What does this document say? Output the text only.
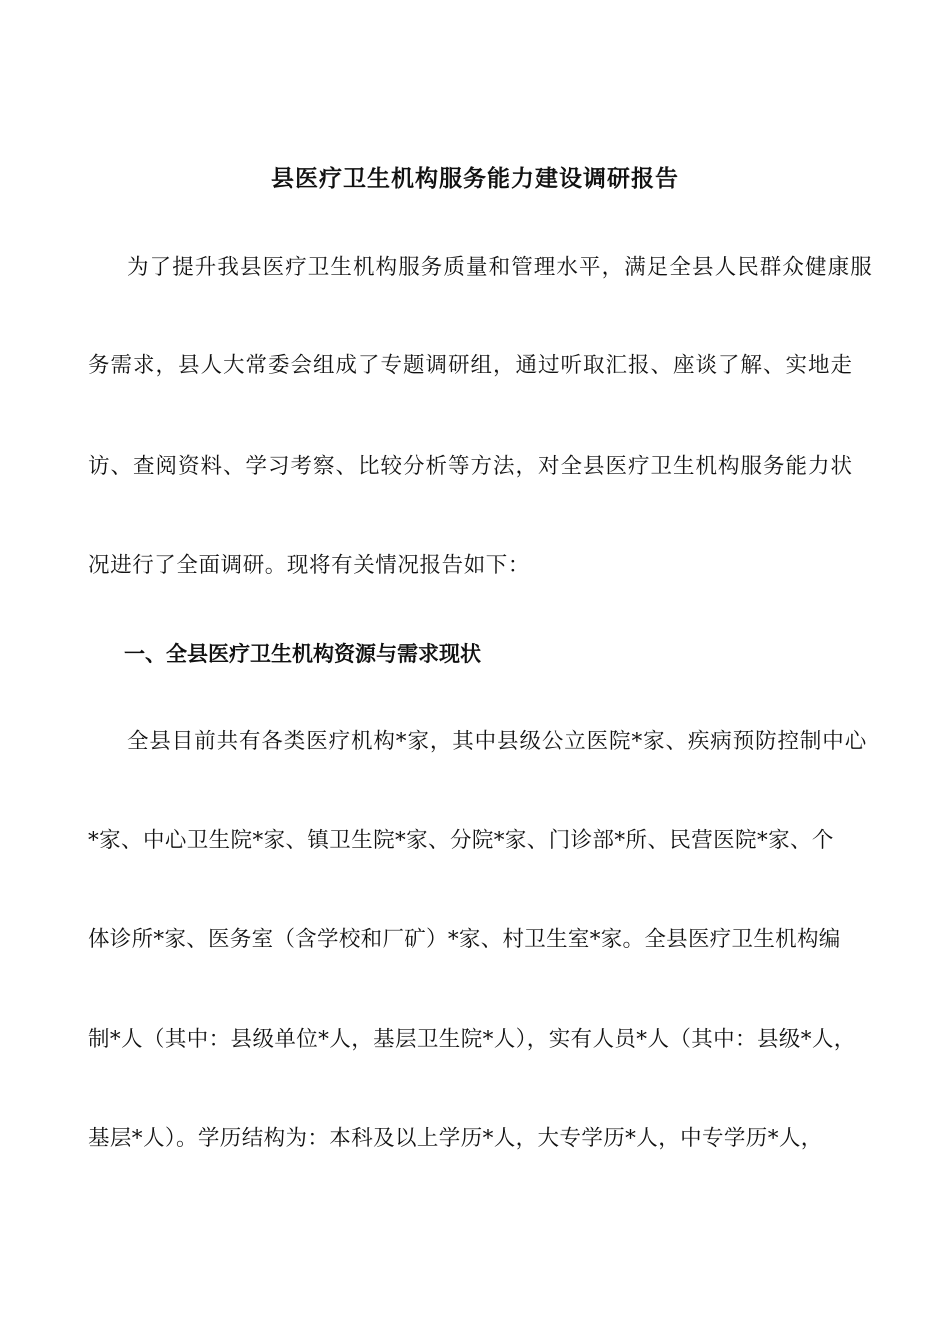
县医疗卫生机构服务能力建设调研报告
为了提升我县医疗卫生机构服务质量和管理水平，满足全县人民群众健康服
务需求，县人大常委会组成了专题调研组，通过听取汇报、座谈了解、实地走
访、查阅资料、学习考察、比较分析等方法，对全县医疗卫生机构服务能力状
况进行了全面调研。现将有关情况报告如下：
一、全县医疗卫生机构资源与需求现状
全县目前共有各类医疗机构*家，其中县级公立医院*家、疾病预防控制中心
*家、中心卫生院*家、镇卫生院*家、分院*家、门诊部*所、民营医院*家、个
体诊所*家、医务室（含学校和厂矿）*家、村卫生室*家。全县医疗卫生机构编
制*人（其中：县级单位*人，基层卫生院*人），实有人员*人（其中：县级*人，
基层*人）。学历结构为：本科及以上学历*人，大专学历*人，中专学历*人，
